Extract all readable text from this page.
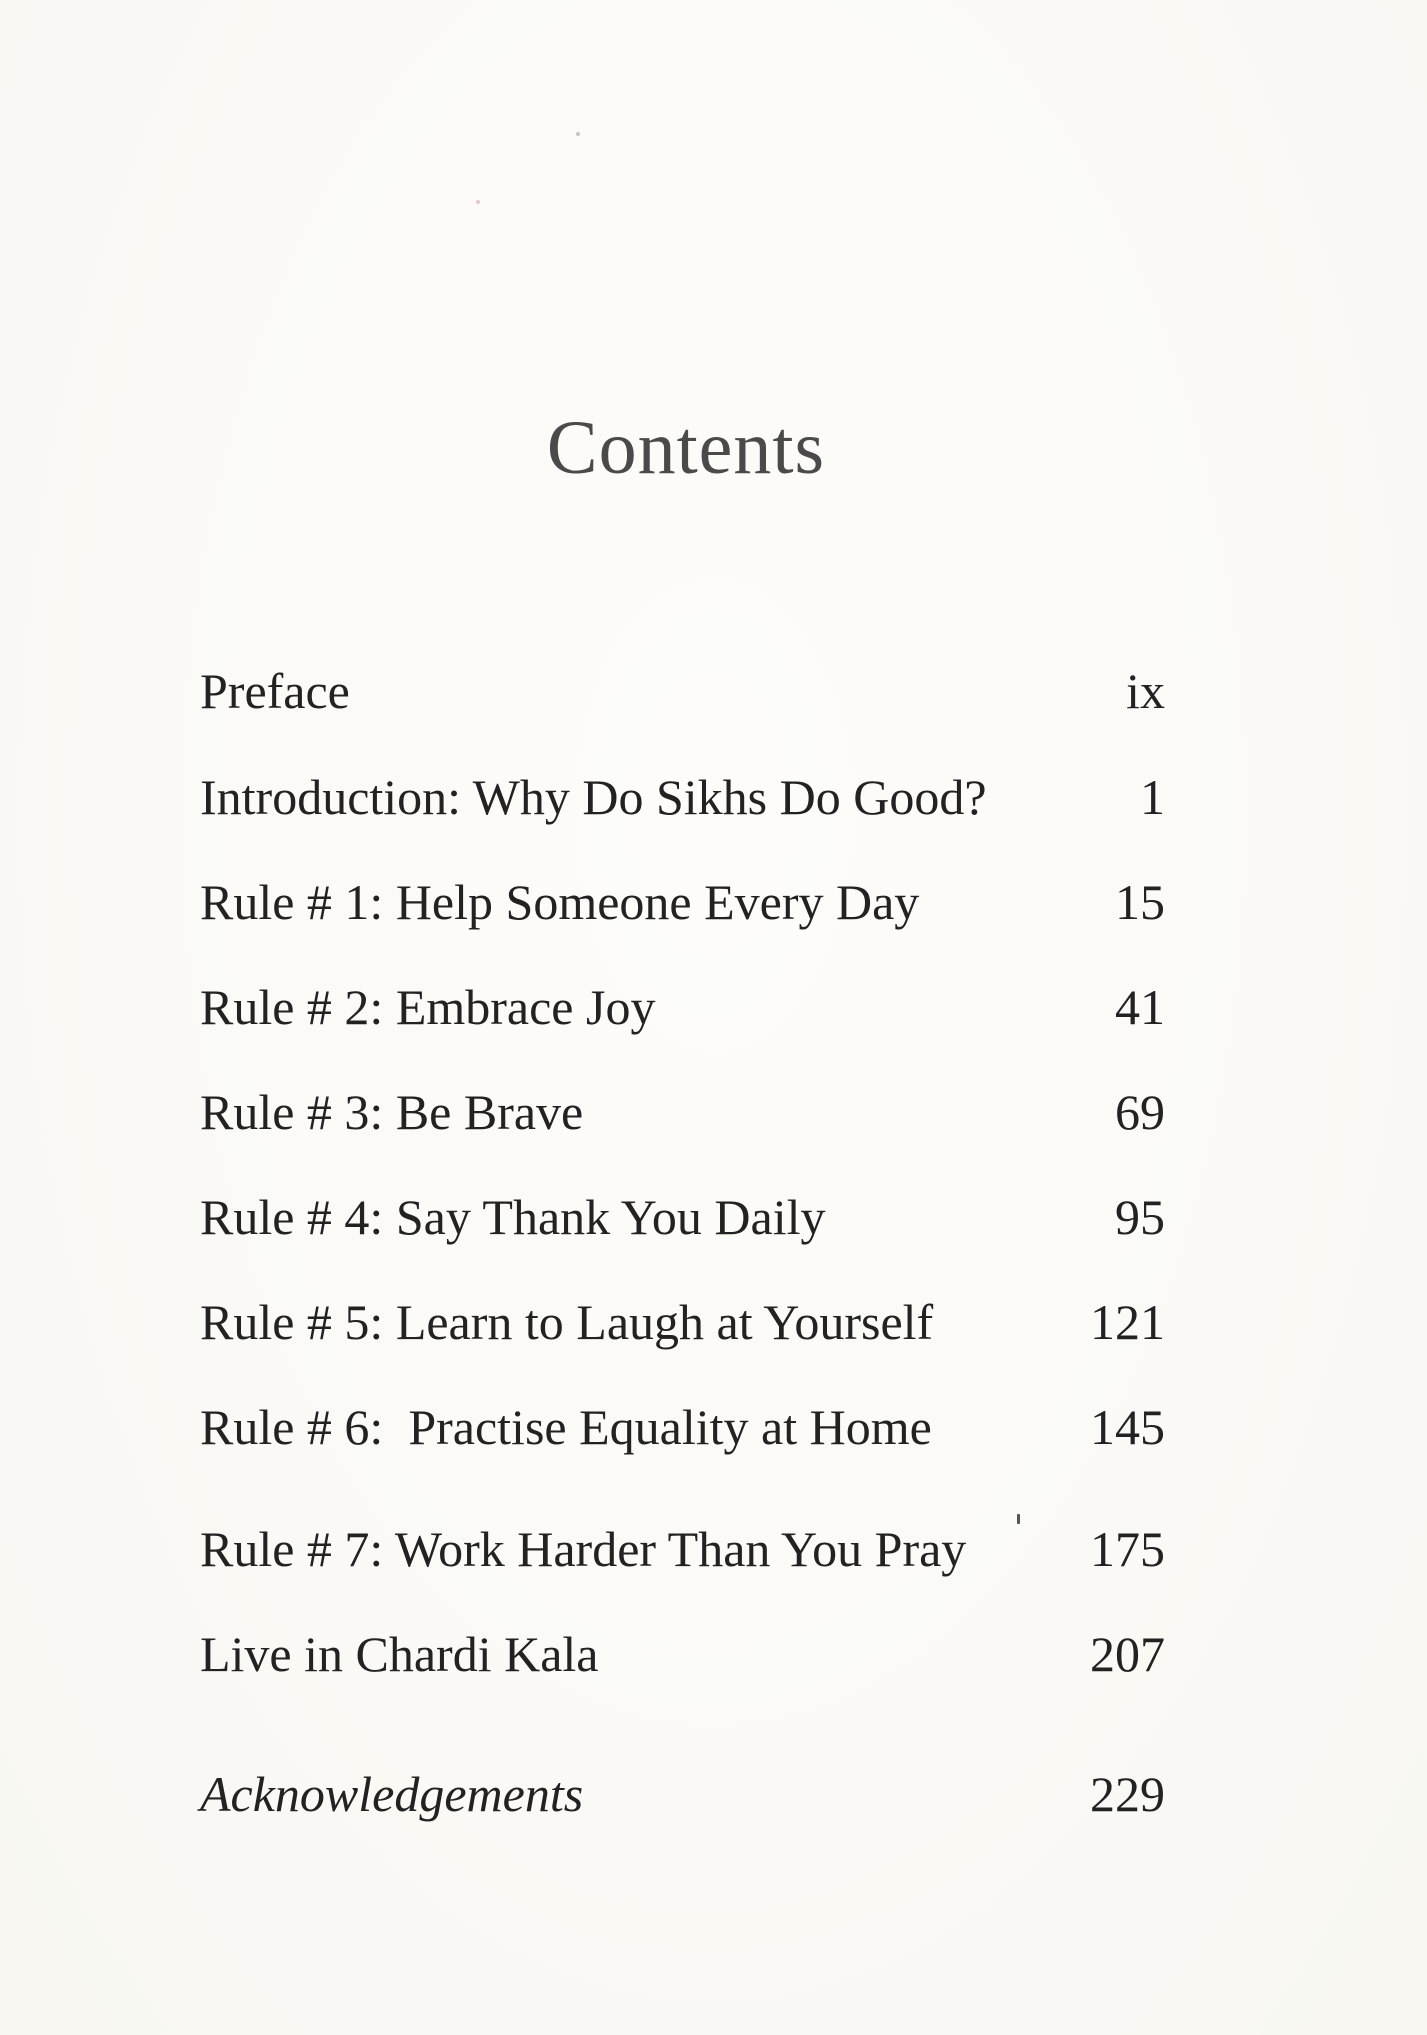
Contents
Preface	ix
Introduction: Why Do Sikhs Do Good?	1
Rule # 1: Help Someone Every Day	15
Rule # 2: Embrace Joy	41
Rule # 3: Be Brave	69
Rule # 4: Say Thank You Daily	95
Rule # 5: Learn to Laugh at Yourself	121
Rule # 6:  Practise Equality at Home	145
Rule # 7: Work Harder Than You Pray 175
Live in Chardi Kala	207
Acknowledgements	229
